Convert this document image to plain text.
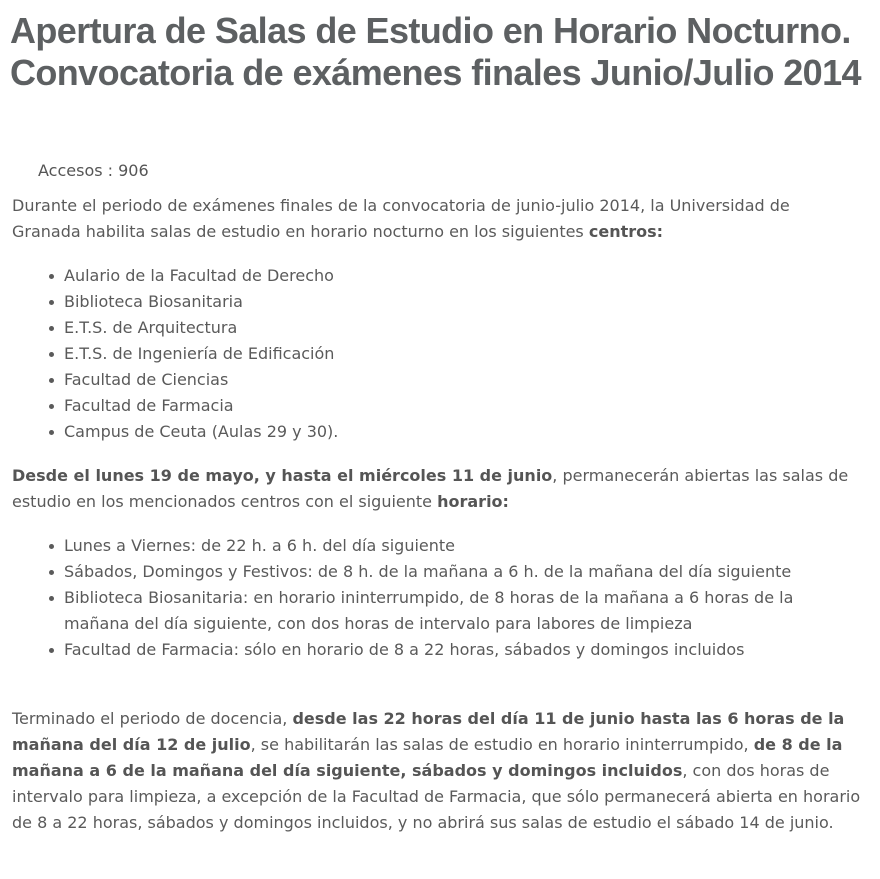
Apertura de Salas de Estudio en Horario Nocturno. Convocatoria de exámenes finales Junio/Julio 2014
Accesos : 906

Durante el periodo de exámenes finales de la convocatoria de junio-julio 2014, la Universidad de Granada habilita salas de estudio en horario nocturno en los siguientes centros:

Aulario de la Facultad de Derecho
Biblioteca Biosanitaria
E.T.S. de Arquitectura
E.T.S. de Ingeniería de Edificación
Facultad de Ciencias
Facultad de Farmacia
Campus de Ceuta (Aulas 29 y 30).

Desde el lunes 19 de mayo, y hasta el miércoles 11 de junio, permanecerán abiertas las salas de estudio en los mencionados centros con el siguiente horario:

Lunes a Viernes: de 22 h. a 6 h. del día siguiente
Sábados, Domingos y Festivos: de 8 h. de la mañana a 6 h. de la mañana del día siguiente
Biblioteca Biosanitaria: en horario ininterrumpido, de 8 horas de la mañana a 6 horas de la mañana del día siguiente, con dos horas de intervalo para labores de limpieza
Facultad de Farmacia: sólo en horario de 8 a 22 horas, sábados y domingos incluidos

Terminado el periodo de docencia, desde las 22 horas del día 11 de junio hasta las 6 horas de la mañana del día 12 de julio, se habilitarán las salas de estudio en horario ininterrumpido, de 8 de la mañana a 6 de la mañana del día siguiente, sábados y domingos incluidos, con dos horas de intervalo para limpieza, a excepción de la Facultad de Farmacia, que sólo permanecerá abierta en horario de 8 a 22 horas, sábados y domingos incluidos, y no abrirá sus salas de estudio el sábado 14 de junio.
